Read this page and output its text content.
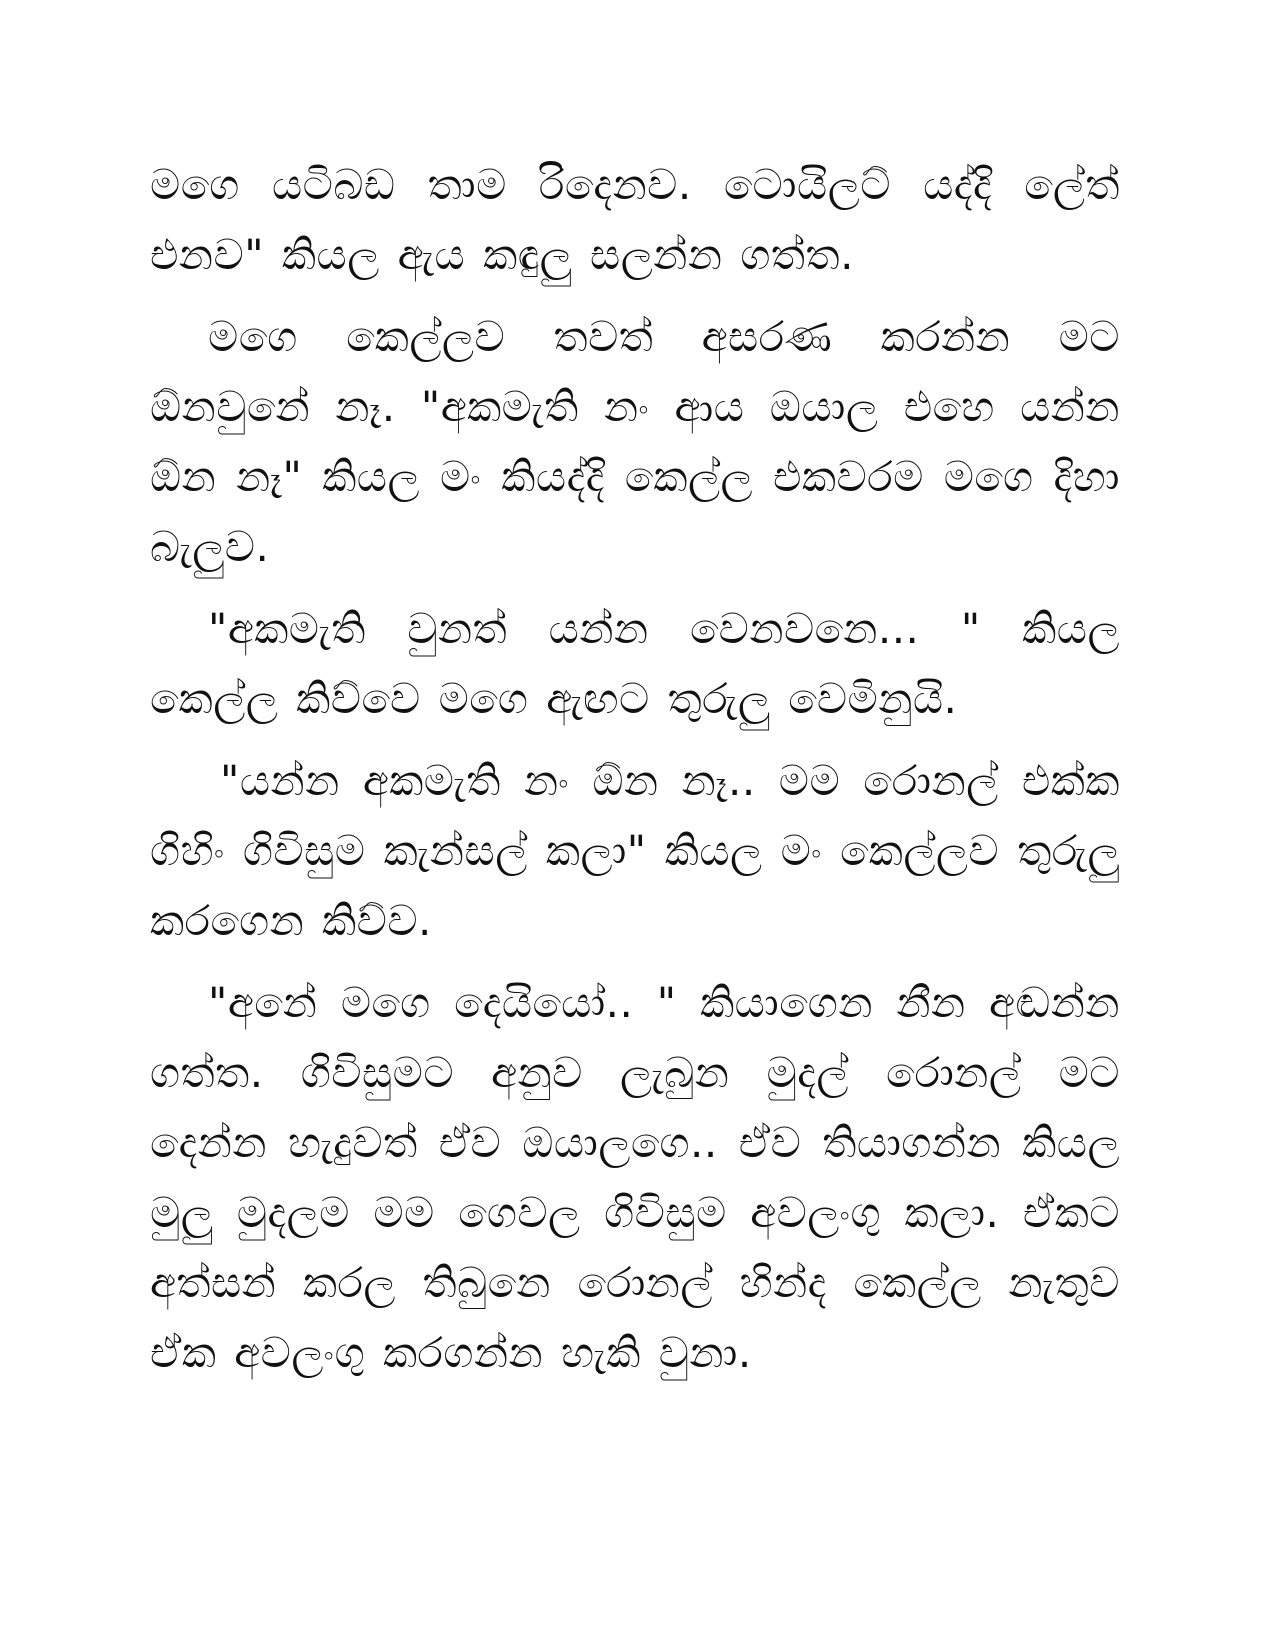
මගෙ යටිබඩ තාම රිදෙනව. ටොයිලට් යද්දි ලේත් එනව" කියල ඇය කඳුලු සලන්න ගත්ත.

මගෙ කෙල්ලව තවත් අසරණ කරන්න මට ඕනවුනේ නෑ. "අකමැති නං ආය ඔයාල එහෙ යන්න ඕන නෑ" කියල මං කියද්දි කෙල්ල එකවරම මගෙ දිහා බැලුව.

"අකමැති වුනත් යන්න වෙනවනෙ... " කියල කෙල්ල කිව්වෙ මගෙ ඇඟට තුරුලු වෙමිනුයි.

"යන්න අකමැති නං ඕන නෑ.. මම රොනල් එක්ක ගිහිං ගිවිසුම කැන්සල් කලා" කියල මං කෙල්ලව තුරුලු කරගෙන කිව්ව.

"අනේ මගෙ දෙයියෝ.. " කියාගෙන නීන අඬන්න ගත්ත. ගිවිසුමට අනුව ලැබුන මුදල් රොනල් මට දෙන්න හැදුවත් ඒව ඔයාලගෙ.. ඒව තියාගන්න කියල මුලු මුදලම මම ගෙවල ගිවිසුම අවලංගු කලා. ඒකට අත්සන් කරල තිබුනෙ රොනල් හින්ද කෙල්ල නැතුව ඒක අවලංගු කරගන්න හැකි වුනා.
